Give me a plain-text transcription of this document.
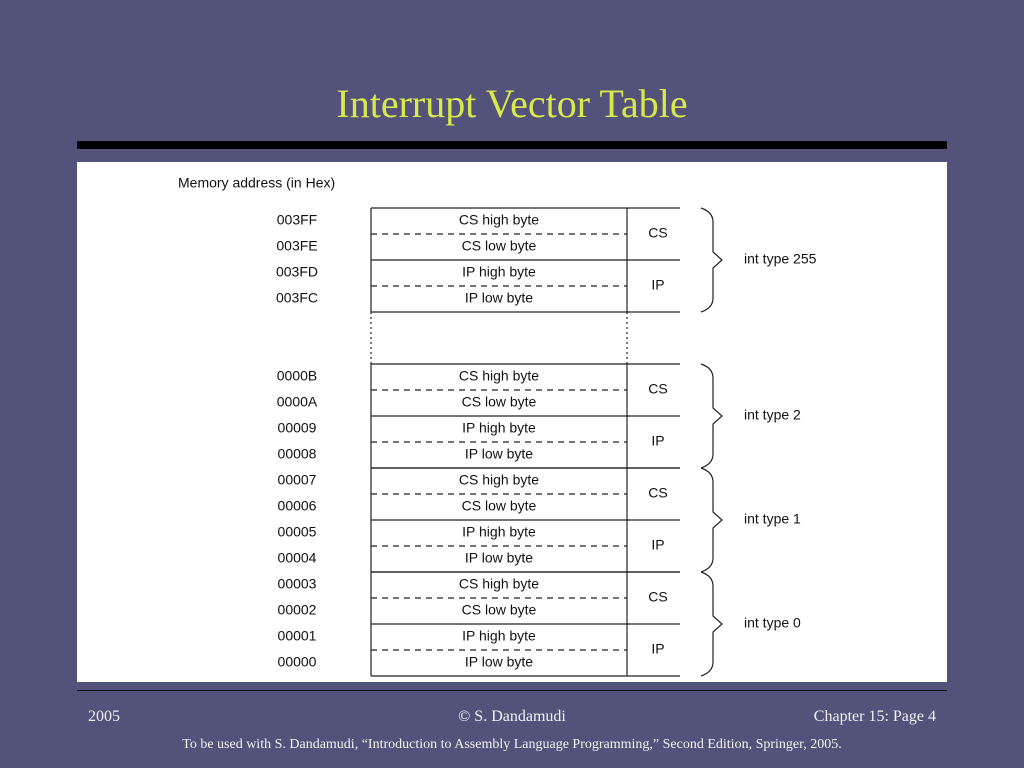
Interrupt Vector Table
Memory address (in Hex)
003FF	CS high byte
003FE	CS low byte
003FD	IP high byte
003FC	IP low byte
CS
IP
int type 255
0000B	CS high byte
0000A	CS low byte
00009	IP high byte
00008	IP low byte
CS
IP
int type 2
00007	CS high byte
00006	CS low byte
00005	IP high byte
00004	IP low byte
CS
IP
int type 1
00003	CS high byte
00002	CS low byte
00001	IP high byte
00000	IP low byte
CS
IP
int type 0
2005	© S. Dandamudi	Chapter 15: Page 4
To be used with S. Dandamudi, “Introduction to Assembly Language Programming,” Second Edition, Springer, 2005.
